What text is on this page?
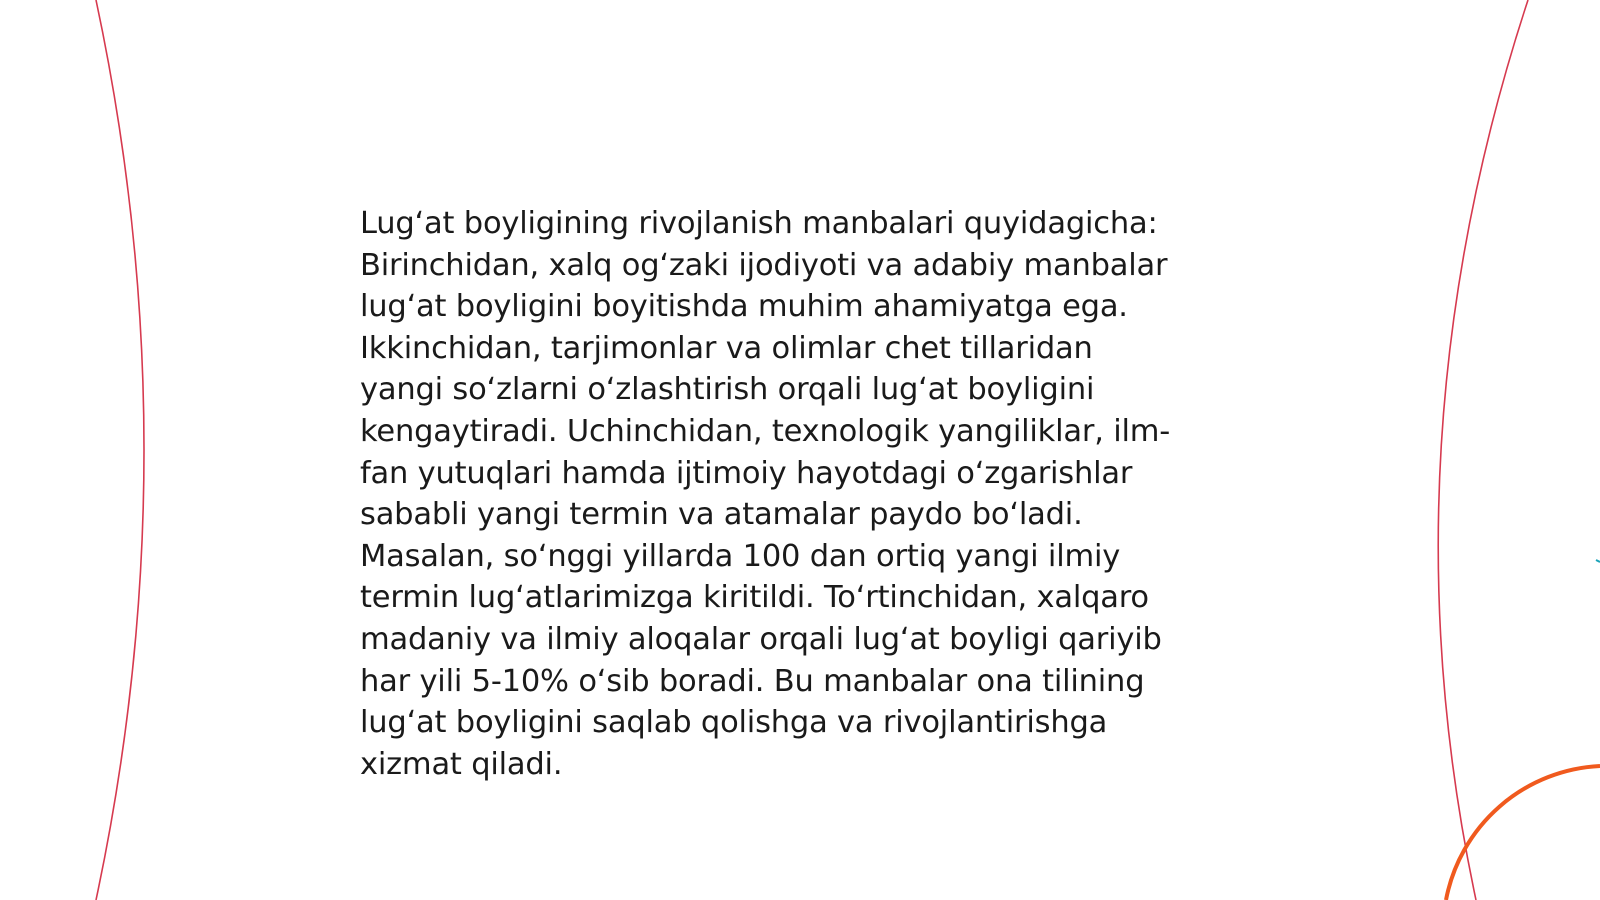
Lugʻat boyligining rivojlanish manbalari quyidagicha:
Birinchidan, xalq ogʻzaki ijodiyoti va adabiy manbalar
lugʻat boyligini boyitishda muhim ahamiyatga ega.
Ikkinchidan, tarjimonlar va olimlar chet tillaridan
yangi soʻzlarni oʻzlashtirish orqali lugʻat boyligini
kengaytiradi. Uchinchidan, texnologik yangiliklar, ilm-
fan yutuqlari hamda ijtimoiy hayotdagi oʻzgarishlar
sababli yangi termin va atamalar paydo boʻladi.
Masalan, soʻnggi yillarda 100 dan ortiq yangi ilmiy
termin lugʻatlarimizga kiritildi. Toʻrtinchidan, xalqaro
madaniy va ilmiy aloqalar orqali lugʻat boyligi qariyib
har yili 5-10% oʻsib boradi. Bu manbalar ona tilining
lugʻat boyligini saqlab qolishga va rivojlantirishga
xizmat qiladi.
